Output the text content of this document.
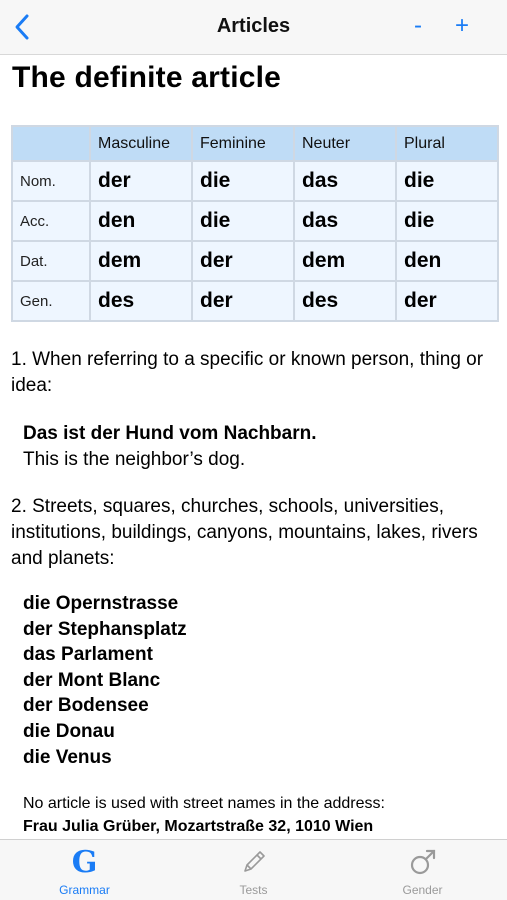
Articles	- +
The definite article
	Masculine	Feminine	Neuter	Plural
Nom.	der	die	das	die
Acc.	den	die	das	die
Dat.	dem	der	dem	den
Gen.	des	der	des	der
1. When referring to a specific or known person, thing or idea:
Das ist der Hund vom Nachbarn.
This is the neighbor’s dog.
2. Streets, squares, churches, schools, universities, institutions, buildings, canyons, mountains, lakes, rivers and planets:
die Opernstrasse
der Stephansplatz
das Parlament
der Mont Blanc
der Bodensee
die Donau
die Venus
No article is used with street names in the address:
Frau Julia Grüber, Mozartstraße 32, 1010 Wien
G
Grammar	Tests	Gender
